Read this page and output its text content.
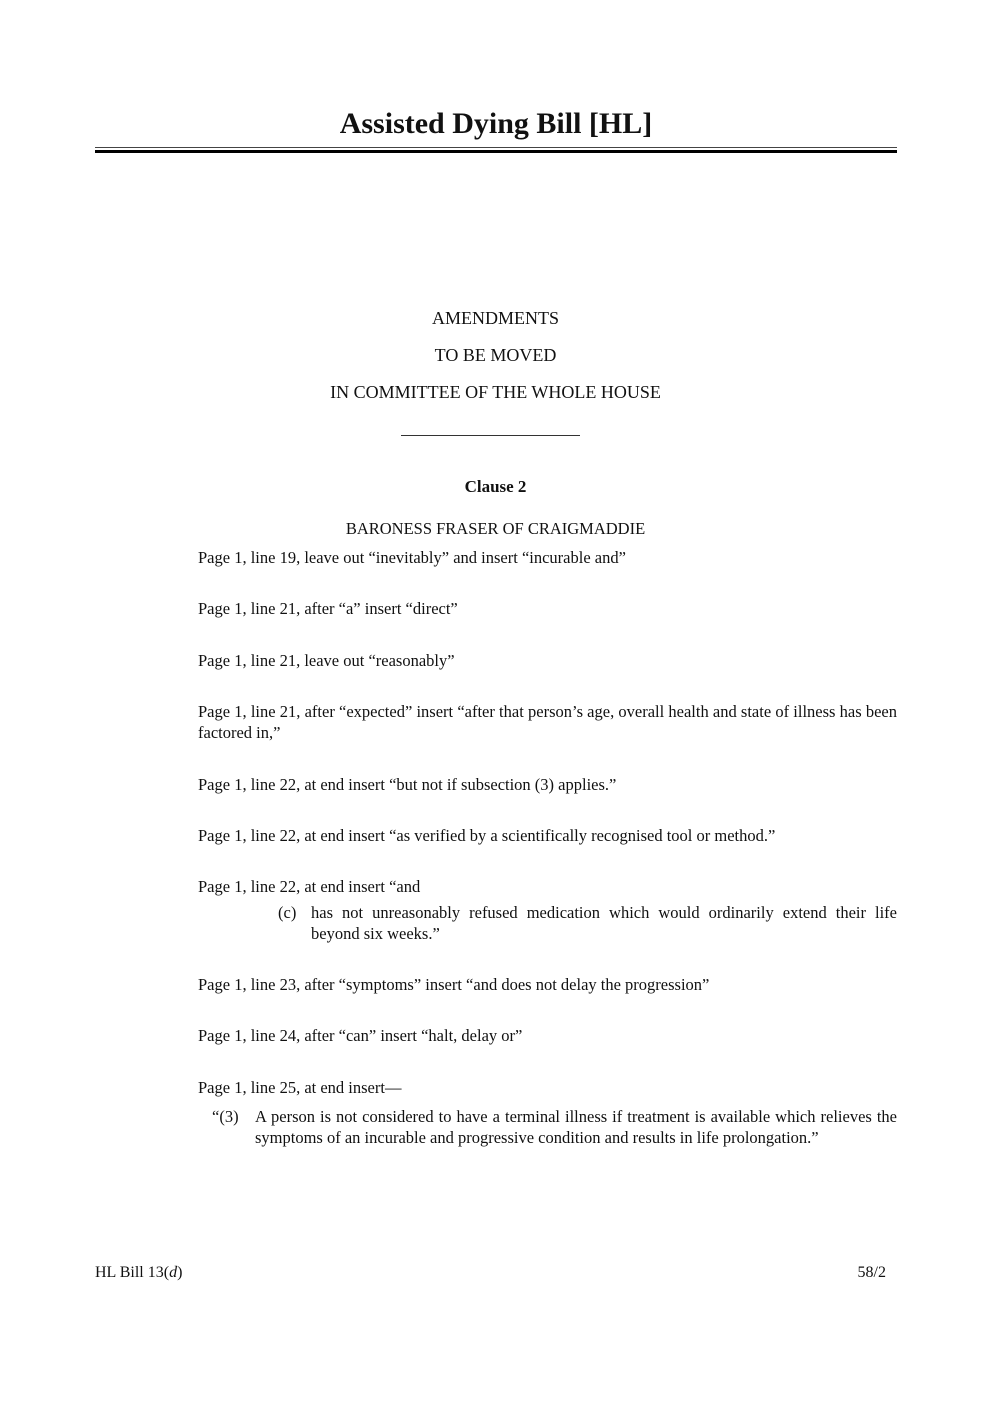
Assisted Dying Bill [HL]
AMENDMENTS
TO BE MOVED
IN COMMITTEE OF THE WHOLE HOUSE
Clause 2
BARONESS FRASER OF CRAIGMADDIE
Page 1, line 19, leave out “inevitably” and insert “incurable and”
Page 1, line 21, after “a” insert “direct”
Page 1, line 21, leave out “reasonably”
Page 1, line 21, after “expected” insert “after that person’s age, overall health and state of illness has been factored in,”
Page 1, line 22, at end insert “but not if subsection (3) applies.”
Page 1, line 22, at end insert “as verified by a scientifically recognised tool or method.”
Page 1, line 22, at end insert “and
(c) has not unreasonably refused medication which would ordinarily extend their life beyond six weeks.”
Page 1, line 23, after “symptoms” insert “and does not delay the progression”
Page 1, line 24, after “can” insert “halt, delay or”
Page 1, line 25, at end insert—
“(3) A person is not considered to have a terminal illness if treatment is available which relieves the symptoms of an incurable and progressive condition and results in life prolongation.”
HL Bill 13(d)	58/2
